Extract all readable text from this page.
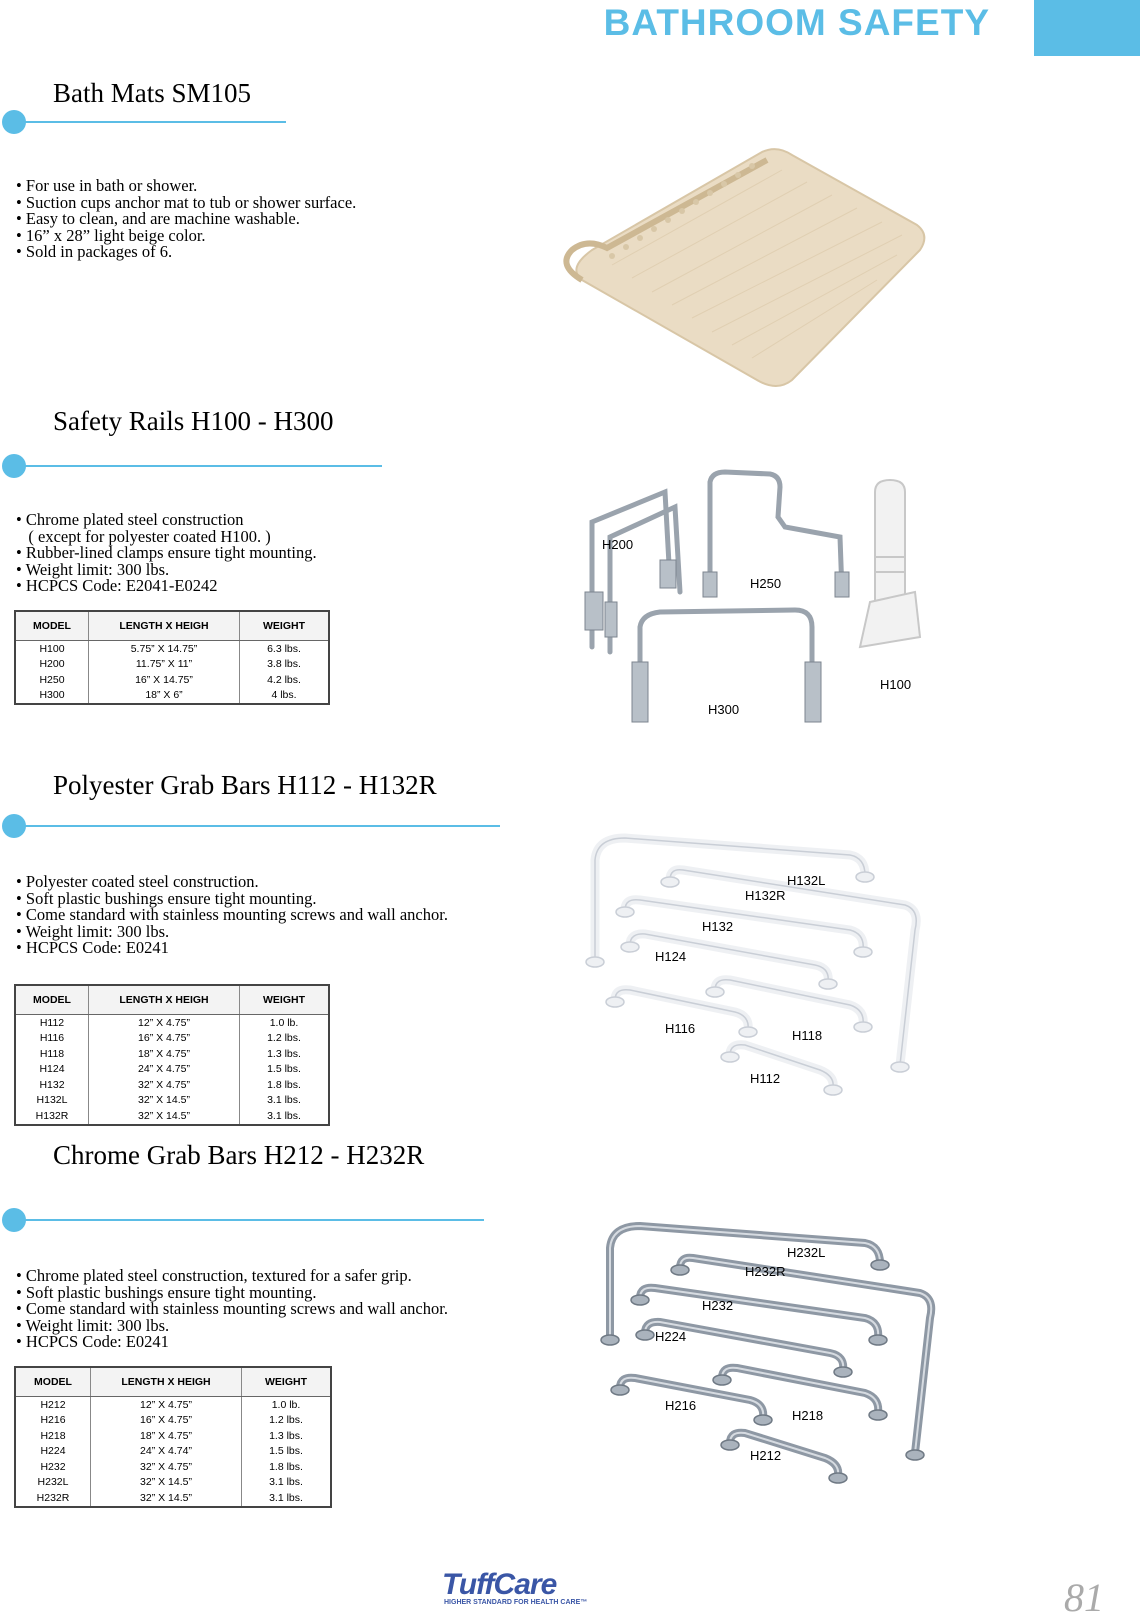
BATHROOM SAFETY
Bath Mats SM105
• For use in bath or shower.
• Suction cups anchor mat to tub or shower surface.
• Easy to clean, and are machine washable.
• 16” x 28” light beige color.
• Sold in packages of 6.
Safety Rails H100 - H300
• Chrome plated steel construction
( except for polyester coated H100. )
• Rubber-lined clamps ensure tight mounting.
• Weight limit: 300 lbs.
• HCPCS Code: E2041-E0242
MODEL	LENGTH X HEIGH	WEIGHT
H100	5.75” X 14.75”	6.3 lbs.
H200	11.75” X 11”	3.8 lbs.
H250	16” X 14.75”	4.2 lbs.
H300	18” X 6”	4 lbs.
H200
H250
H100
H300
Polyester Grab Bars H112 - H132R
• Polyester coated steel construction.
• Soft plastic bushings ensure tight mounting.
• Come standard with stainless mounting screws and wall anchor.
• Weight limit: 300 lbs.
• HCPCS Code: E0241
MODEL	LENGTH X HEIGH	WEIGHT
H112	12” X 4.75”	1.0 lb.
H116	16” X 4.75”	1.2 lbs.
H118	18” X 4.75”	1.3 lbs.
H124	24” X 4.75”	1.5 lbs.
H132	32” X 4.75”	1.8 lbs.
H132L	32” X 14.5”	3.1 lbs.
H132R	32” X 14.5”	3.1 lbs.
H132L
H132R
H132
H124
H116	H118
H112
Chrome Grab Bars H212 - H232R
• Chrome plated steel construction, textured for a safer grip.
• Soft plastic bushings ensure tight mounting.
• Come standard with stainless mounting screws and wall anchor.
• Weight limit: 300 lbs.
• HCPCS Code: E0241
MODEL	LENGTH X HEIGH	WEIGHT
H212	12” X 4.75”	1.0 lb.
H216	16” X 4.75”	1.2 lbs.
H218	18” X 4.75”	1.3 lbs.
H224	24” X 4.74”	1.5 lbs.
H232	32” X 4.75”	1.8 lbs.
H232L	32” X 14.5”	3.1 lbs.
H232R	32” X 14.5”	3.1 lbs.
H232L
H232R
H232
H224
H216
H218
H212
TuffCare
HIGHER STANDARD FOR HEALTH CARE™	81
